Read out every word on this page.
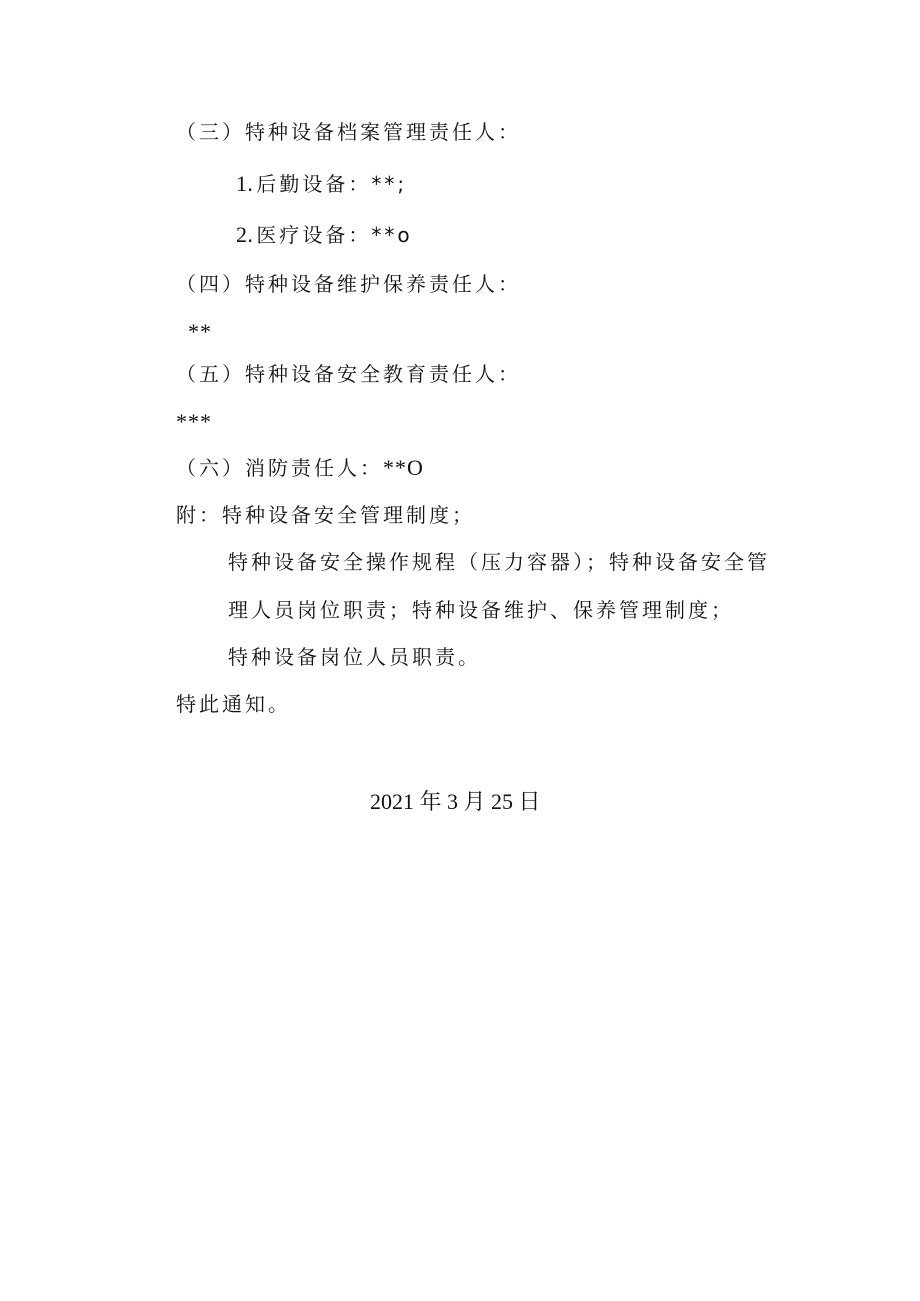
（三）特种设备档案管理责任人：
1.后勤设备：**;
2.医疗设备：**o
（四）特种设备维护保养责任人：
**
（五）特种设备安全教育责任人：
***
（六）消防责任人：**O
附：特种设备安全管理制度；
特种设备安全操作规程（压力容器）；特种设备安全管
理人员岗位职责；特种设备维护、保养管理制度；
特种设备岗位人员职责。
特此通知。
2021 年 3 月 25 日
